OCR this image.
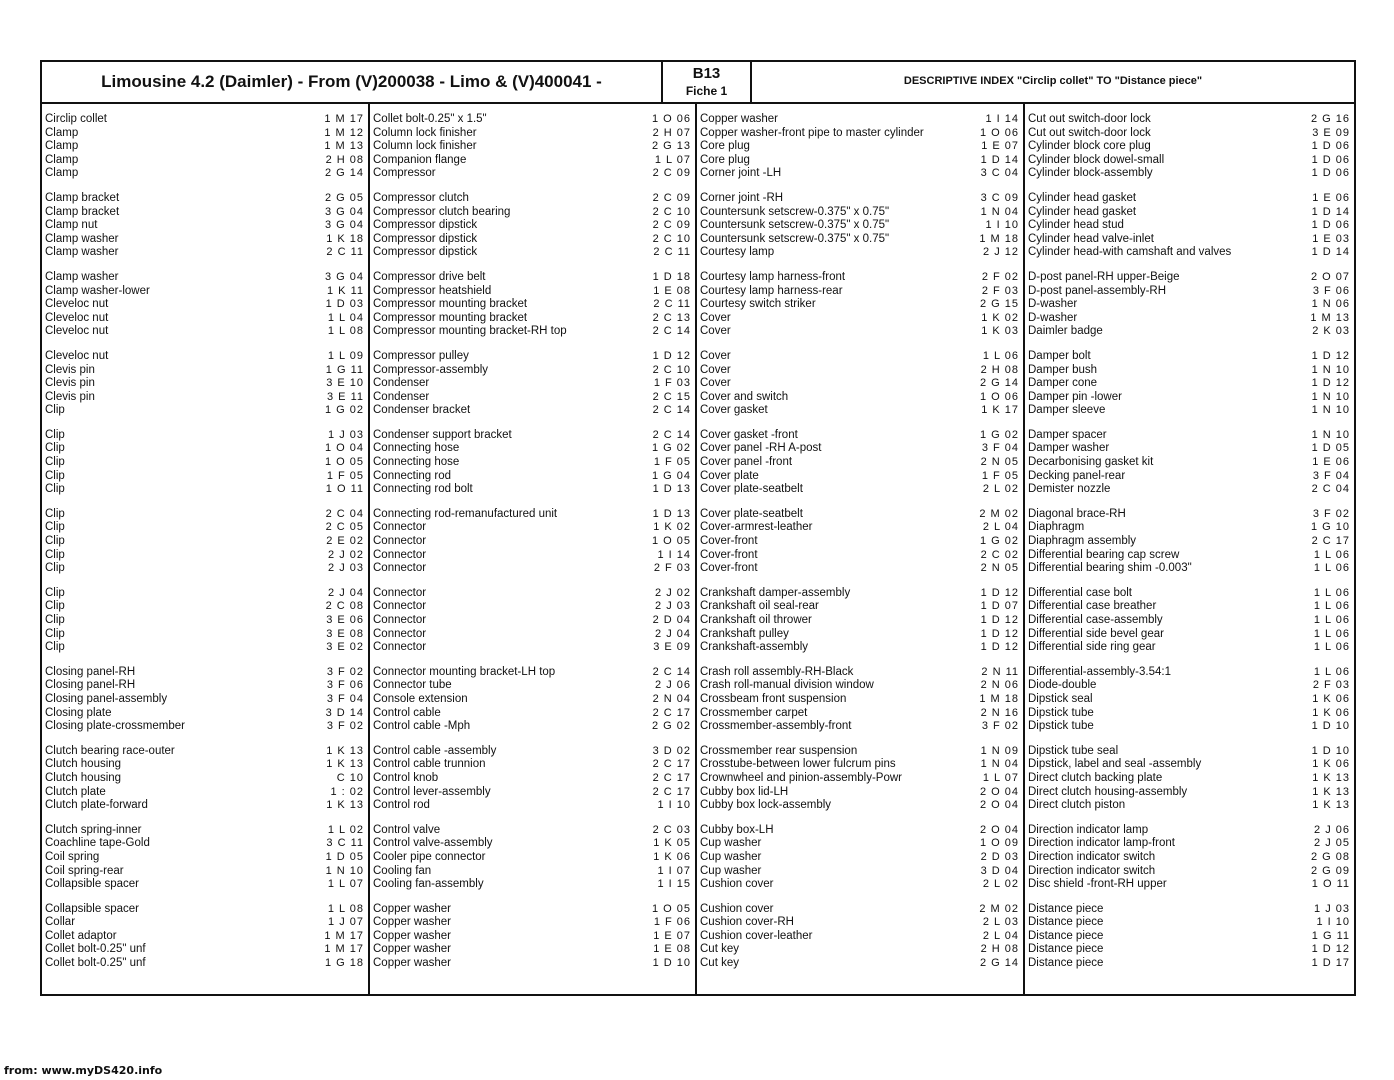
Limousine 4.2 (Daimler) - From (V)200038 - Limo & (V)400041 -	B13
Fiche 1
DESCRIPTIVE INDEX "Circlip collet" TO "Distance piece"
Circlip collet	1 M 17
Clamp	1 M 12
Clamp	1 M 13
Clamp	2 H 08
Clamp	2 G 14
Clamp bracket	2 G 05
Clamp bracket	3 G 04
Clamp nut	3 G 04
Clamp washer	1 K 18
Clamp washer	2 C 11
Clamp washer	3 G 04
Clamp washer-lower	1 K 11
Cleveloc nut	1 D 03
Cleveloc nut	1 L 04
Cleveloc nut	1 L 08
Cleveloc nut	1 L 09
Clevis pin	1 G 11
Clevis pin	3 E 10
Clevis pin	3 E 11
Clip	1 G 02
Clip	1 J 03
Clip	1 O 04
Clip	1 O 05
Clip	1 F 05
Clip	1 O 11
Clip	2 C 04
Clip	2 C 05
Clip	2 E 02
Clip	2 J 02
Clip	2 J 03
Clip	2 J 04
Clip	2 C 08
Clip	3 E 06
Clip	3 E 08
Clip	3 E 02
Closing panel-RH	3 F 02
Closing panel-RH	3 F 06
Closing panel-assembly	3 F 04
Closing plate	3 D 14
Closing plate-crossmember	3 F 02
Clutch bearing race-outer	1 K 13
Clutch housing	1 K 13
Clutch housing	C 10
Clutch plate	1 : 02
Clutch plate-forward	1 K 13
Clutch spring-inner	1 L 02
Coachline tape-Gold	3 C 11
Coil spring	1 D 05
Coil spring-rear	1 N 10
Collapsible spacer	1 L 07
Collapsible spacer	1 L 08
Collar	1 J 07
Collet adaptor	1 M 17
Collet bolt-0.25" unf	1 M 17
Collet bolt-0.25" unf	1 G 18
Collet bolt-0.25" x 1.5"	1 O 06
Column lock finisher	2 H 07
Column lock finisher	2 G 13
Companion flange	1 L 07
Compressor	2 C 09
Compressor clutch	2 C 09
Compressor clutch bearing	2 C 10
Compressor dipstick	2 C 09
Compressor dipstick	2 C 10
Compressor dipstick	2 C 11
Compressor drive belt	1 D 18
Compressor heatshield	1 E 08
Compressor mounting bracket	2 C 11
Compressor mounting bracket	2 C 13
Compressor mounting bracket-RH top	2 C 14
Compressor pulley	1 D 12
Compressor-assembly	2 C 10
Condenser	1 F 03
Condenser	2 C 15
Condenser bracket	2 C 14
Condenser support bracket	2 C 14
Connecting hose	1 G 02
Connecting hose	1 F 05
Connecting rod	1 G 04
Connecting rod bolt	1 D 13
Connecting rod-remanufactured unit	1 D 13
Connector	1 K 02
Connector	1 O 05
Connector	1 I 14
Connector	2 F 03
Connector	2 J 02
Connector	2 J 03
Connector	2 D 04
Connector	2 J 04
Connector	3 E 09
Connector mounting bracket-LH top	2 C 14
Connector tube	2 J 06
Console extension	2 N 04
Control cable	2 C 17
Control cable -Mph	2 G 02
Control cable -assembly	3 D 02
Control cable trunnion	2 C 17
Control knob	2 C 17
Control lever-assembly	2 C 17
Control rod	1 I 10
Control valve	2 C 03
Control valve-assembly	1 K 05
Cooler pipe connector	1 K 06
Cooling fan	1 I 07
Cooling fan-assembly	1 I 15
Copper washer	1 O 05
Copper washer	1 F 06
Copper washer	1 E 07
Copper washer	1 E 08
Copper washer	1 D 10
Copper washer	1 I 14
Copper washer-front pipe to master cylinder	1 O 06
Core plug	1 E 07
Core plug	1 D 14
Corner joint -LH	3 C 04
Corner joint -RH	3 C 09
Countersunk setscrew-0.375" x 0.75"	1 N 04
Countersunk setscrew-0.375" x 0.75"	1 I 10
Countersunk setscrew-0.375" x 0.75"	1 M 18
Courtesy lamp	2 J 12
Courtesy lamp harness-front	2 F 02
Courtesy lamp harness-rear	2 F 03
Courtesy switch striker	2 G 15
Cover	1 K 02
Cover	1 K 03
Cover	1 L 06
Cover	2 H 08
Cover	2 G 14
Cover and switch	1 O 06
Cover gasket	1 K 17
Cover gasket -front	1 G 02
Cover panel -RH A-post	3 F 04
Cover panel -front	2 N 05
Cover plate	1 F 05
Cover plate-seatbelt	2 L 02
Cover plate-seatbelt	2 M 02
Cover-armrest-leather	2 L 04
Cover-front	1 G 02
Cover-front	2 C 02
Cover-front	2 N 05
Crankshaft damper-assembly	1 D 12
Crankshaft oil seal-rear	1 D 07
Crankshaft oil thrower	1 D 12
Crankshaft pulley	1 D 12
Crankshaft-assembly	1 D 12
Crash roll assembly-RH-Black	2 N 11
Crash roll-manual division window	2 N 06
Crossbeam front suspension	1 M 18
Crossmember carpet	2 N 16
Crossmember-assembly-front	3 F 02
Crossmember rear suspension	1 N 09
Crosstube-between lower fulcrum pins	1 N 04
Crownwheel and pinion-assembly-Powr	1 L 07
Cubby box lid-LH	2 O 04
Cubby box lock-assembly	2 O 04
Cubby box-LH	2 O 04
Cup washer	1 O 09
Cup washer	2 D 03
Cup washer	3 D 04
Cushion cover	2 L 02
Cushion cover	2 M 02
Cushion cover-RH	2 L 03
Cushion cover-leather	2 L 04
Cut key	2 H 08
Cut key	2 G 14
Cut out switch-door lock	2 G 16
Cut out switch-door lock	3 E 09
Cylinder block core plug	1 D 06
Cylinder block dowel-small	1 D 06
Cylinder block-assembly	1 D 06
Cylinder head gasket	1 E 06
Cylinder head gasket	1 D 14
Cylinder head stud	1 D 06
Cylinder head valve-inlet	1 E 03
Cylinder head-with camshaft and valves	1 D 14
D-post panel-RH upper-Beige	2 O 07
D-post panel-assembly-RH	3 F 06
D-washer	1 N 06
D-washer	1 M 13
Daimler badge	2 K 03
Damper bolt	1 D 12
Damper bush	1 N 10
Damper cone	1 D 12
Damper pin -lower	1 N 10
Damper sleeve	1 N 10
Damper spacer	1 N 10
Damper washer	1 D 05
Decarbonising gasket kit	1 E 06
Decking panel-rear	3 F 04
Demister nozzle	2 C 04
Diagonal brace-RH	3 F 02
Diaphragm	1 G 10
Diaphragm assembly	2 C 17
Differential bearing cap screw	1 L 06
Differential bearing shim -0.003"	1 L 06
Differential case bolt	1 L 06
Differential case breather	1 L 06
Differential case-assembly	1 L 06
Differential side bevel gear	1 L 06
Differential side ring gear	1 L 06
Differential-assembly-3.54:1	1 L 06
Diode-double	2 F 03
Dipstick seal	1 K 06
Dipstick tube	1 K 06
Dipstick tube	1 D 10
Dipstick tube seal	1 D 10
Dipstick, label and seal -assembly	1 K 06
Direct clutch backing plate	1 K 13
Direct clutch housing-assembly	1 K 13
Direct clutch piston	1 K 13
Direction indicator lamp	2 J 06
Direction indicator lamp-front	2 J 05
Direction indicator switch	2 G 08
Direction indicator switch	2 G 09
Disc shield -front-RH upper	1 O 11
Distance piece	1 J 03
Distance piece	1 I 10
Distance piece	1 G 11
Distance piece	1 D 12
Distance piece	1 D 17
from: www.myDS420.info
